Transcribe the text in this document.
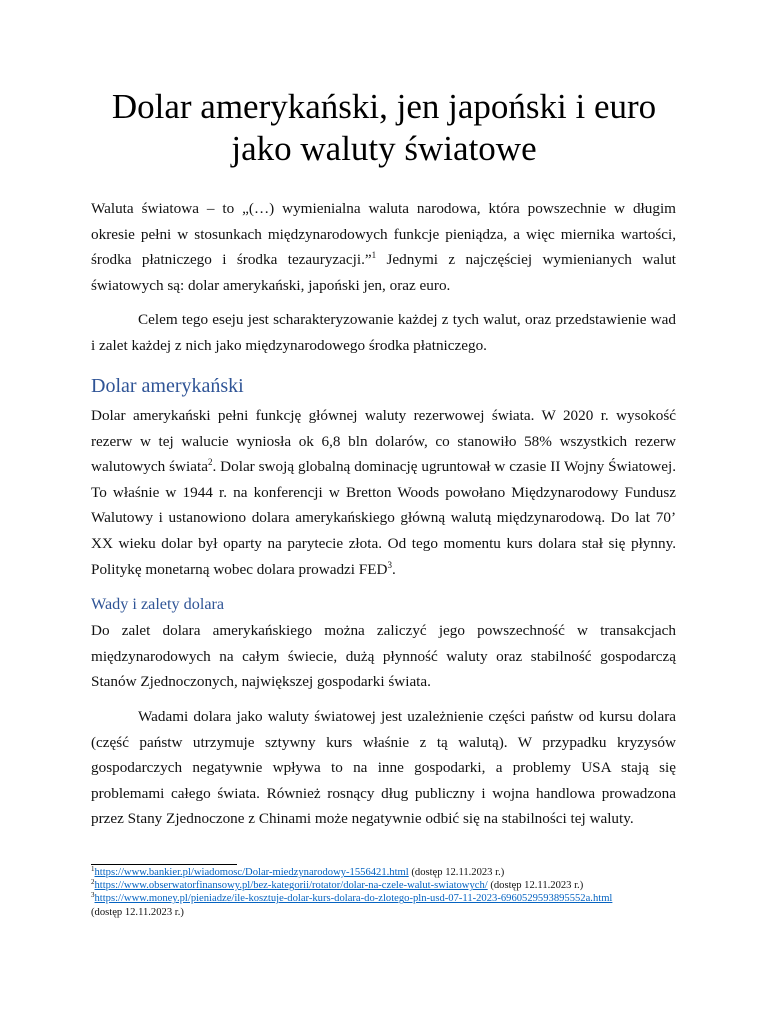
Dolar amerykański, jen japoński i euro
jako waluty światowe

Waluta światowa – to „(…) wymienialna waluta narodowa, która powszechnie w długim okresie pełni w stosunkach międzynarodowych funkcje pieniądza, a więc miernika wartości, środka płatniczego i środka tezauryzacji.”$^1$ Jednymi z najczęściej wymienianych walut światowych są: dolar amerykański, japoński jen, oraz euro.

Celem tego eseju jest scharakteryzowanie każdej z tych walut, oraz przedstawienie wad i zalet każdej z nich jako międzynarodowego środka płatniczego.

Dolar amerykański

Dolar amerykański pełni funkcję głównej waluty rezerwowej świata. W 2020 r. wysokość rezerw w tej walucie wyniosła ok 6,8 bln dolarów, co stanowiło 58% wszystkich rezerw walutowych świata$^2$. Dolar swoją globalną dominację ugruntował w czasie II Wojny Światowej. To właśnie w 1944 r. na konferencji w Bretton Woods powołano Międzynarodowy Fundusz Walutowy i ustanowiono dolara amerykańskiego główną walutą międzynarodową. Do lat 70’ XX wieku dolar był oparty na parytecie złota. Od tego momentu kurs dolara stał się płynny. Politykę monetarną wobec dolara prowadzi FED$^3$.

Wady i zalety dolara

Do zalet dolara amerykańskiego można zaliczyć jego powszechność w transakcjach międzynarodowych na całym świecie, dużą płynność waluty oraz stabilność gospodarczą Stanów Zjednoczonych, największej gospodarki świata.

Wadami dolara jako waluty światowej jest uzależnienie części państw od kursu dolara (część państw utrzymuje sztywny kurs właśnie z tą walutą). W przypadku kryzysów gospodarczych negatywnie wpływa to na inne gospodarki, a problemy USA stają się problemami całego świata. Również rosnący dług publiczny i wojna handlowa prowadzona przez Stany Zjednoczone z Chinami może negatywnie odbić się na stabilności tej waluty.

$^1$https://www.bankier.pl/wiadomosc/Dolar-miedzynarodowy-1556421.html (dostęp 12.11.2023 r.)

$^2$https://www.obserwatorfinansowy.pl/bez-kategorii/rotator/dolar-na-czele-walut-swiatowych/ (dostęp 12.11.2023 r.)

$^3$https://www.money.pl/pieniadze/ile-kosztuje-dolar-kurs-dolara-do-zlotego-pln-usd-07-11-2023-6960529593895552a.html

(dostęp 12.11.2023 r.)
